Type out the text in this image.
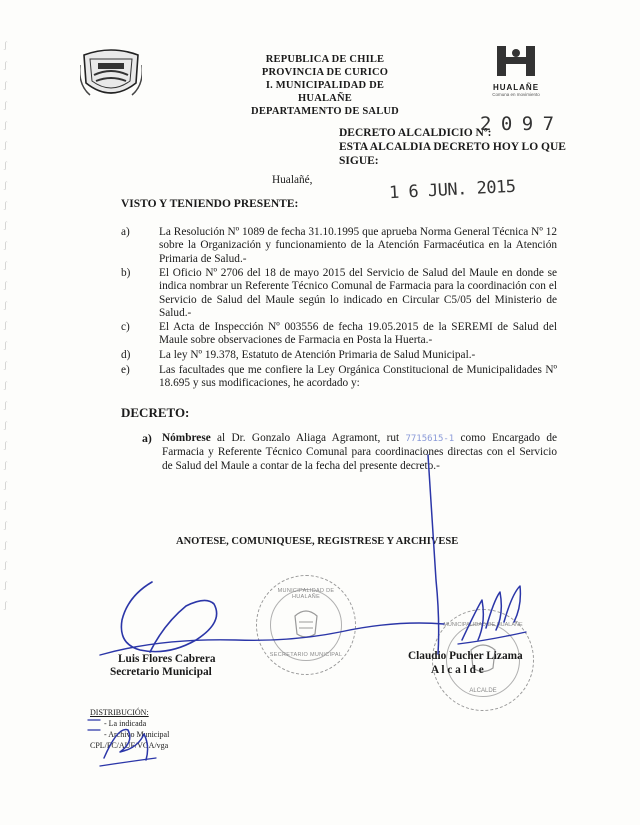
ʃ

ʃ

ʃ

ʃ

ʃ

ʃ

ʃ

ʃ

ʃ

ʃ

ʃ

ʃ

ʃ

ʃ

ʃ

ʃ

ʃ

ʃ

ʃ

ʃ

ʃ

ʃ

ʃ

ʃ

ʃ

ʃ

ʃ

ʃ

ʃ
REPUBLICA DE CHILE
PROVINCIA DE CURICO
I. MUNICIPALIDAD DE HUALAÑE
DEPARTAMENTO DE SALUD
HUALAÑE
Comuna en movimiento
DECRETO ALCALDICIO Nº:
2 0 9 7
ESTA ALCALDIA DECRETO HOY LO QUE
SIGUE:
Hualañé,	1 6 JUN. 2015
VISTO Y TENIENDO PRESENTE:
a)	La Resolución Nº 1089 de fecha 31.10.1995 que aprueba Norma General Técnica Nº 12 sobre la Organización y funcionamiento de la Atención Farmacéutica en la Atención Primaria de Salud.-
b)	El Oficio Nº 2706 del 18 de mayo 2015 del Servicio de Salud del Maule en donde se indica nombrar un Referente Técnico Comunal de Farmacia para la coordinación con el Servicio de Salud del Maule según lo indicado en Circular C5/05 del Ministerio de Salud.-
c)	El Acta de Inspección Nº 003556 de fecha 19.05.2015 de la SEREMI de Salud del Maule sobre observaciones de Farmacia en Posta la Huerta.-
d)	La ley Nº 19.378, Estatuto de Atención Primaria de Salud Municipal.-
e)	Las facultades que me confiere la Ley Orgánica Constitucional de Municipalidades Nº 18.695 y sus modificaciones, he acordado y:
DECRETO:
a) Nómbrese al Dr. Gonzalo Aliaga Agramont, rut 7715615-1 como Encargado de Farmacia y Referente Técnico Comunal para coordinaciones directas con el Servicio de Salud del Maule a contar de la fecha del presente decreto.-
ANOTESE, COMUNIQUESE, REGISTRESE Y ARCHIVESE
MUNICIPALIDAD DE HUALAÑE
SECRETARIO MUNICIPAL
MUNICIPALIDAD DE HUALAÑE
ALCALDE
Luis Flores Cabrera
Secretario Municipal
Claudio Pucher Lizama
A l c a l d e
DISTRIBUCIÓN:
- La indicada
- Archivo Municipal
CPL/FC/AUF/VGA/vga
